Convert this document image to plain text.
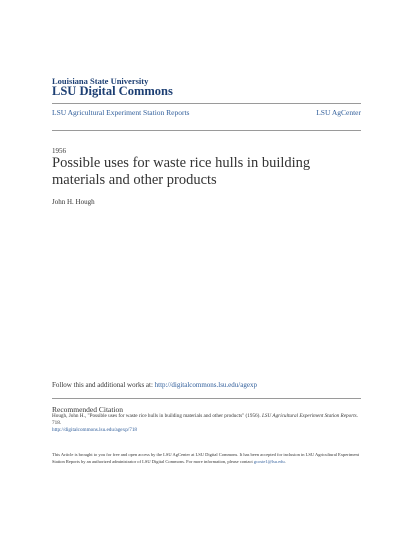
Louisiana State University
LSU Digital Commons
LSU Agricultural Experiment Station Reports	LSU AgCenter
1956
Possible uses for waste rice hulls in building materials and other products
John H. Hough
Follow this and additional works at: http://digitalcommons.lsu.edu/agexp
Recommended Citation
Hough, John H., "Possible uses for waste rice hulls in building materials and other products" (1956). LSU Agricultural Experiment Station Reports. 718.
http://digitalcommons.lsu.edu/agexp/718
This Article is brought to you for free and open access by the LSU AgCenter at LSU Digital Commons. It has been accepted for inclusion in LSU Agricultural Experiment Station Reports by an authorized administrator of LSU Digital Commons. For more information, please contact gcoste1@lsu.edu.
